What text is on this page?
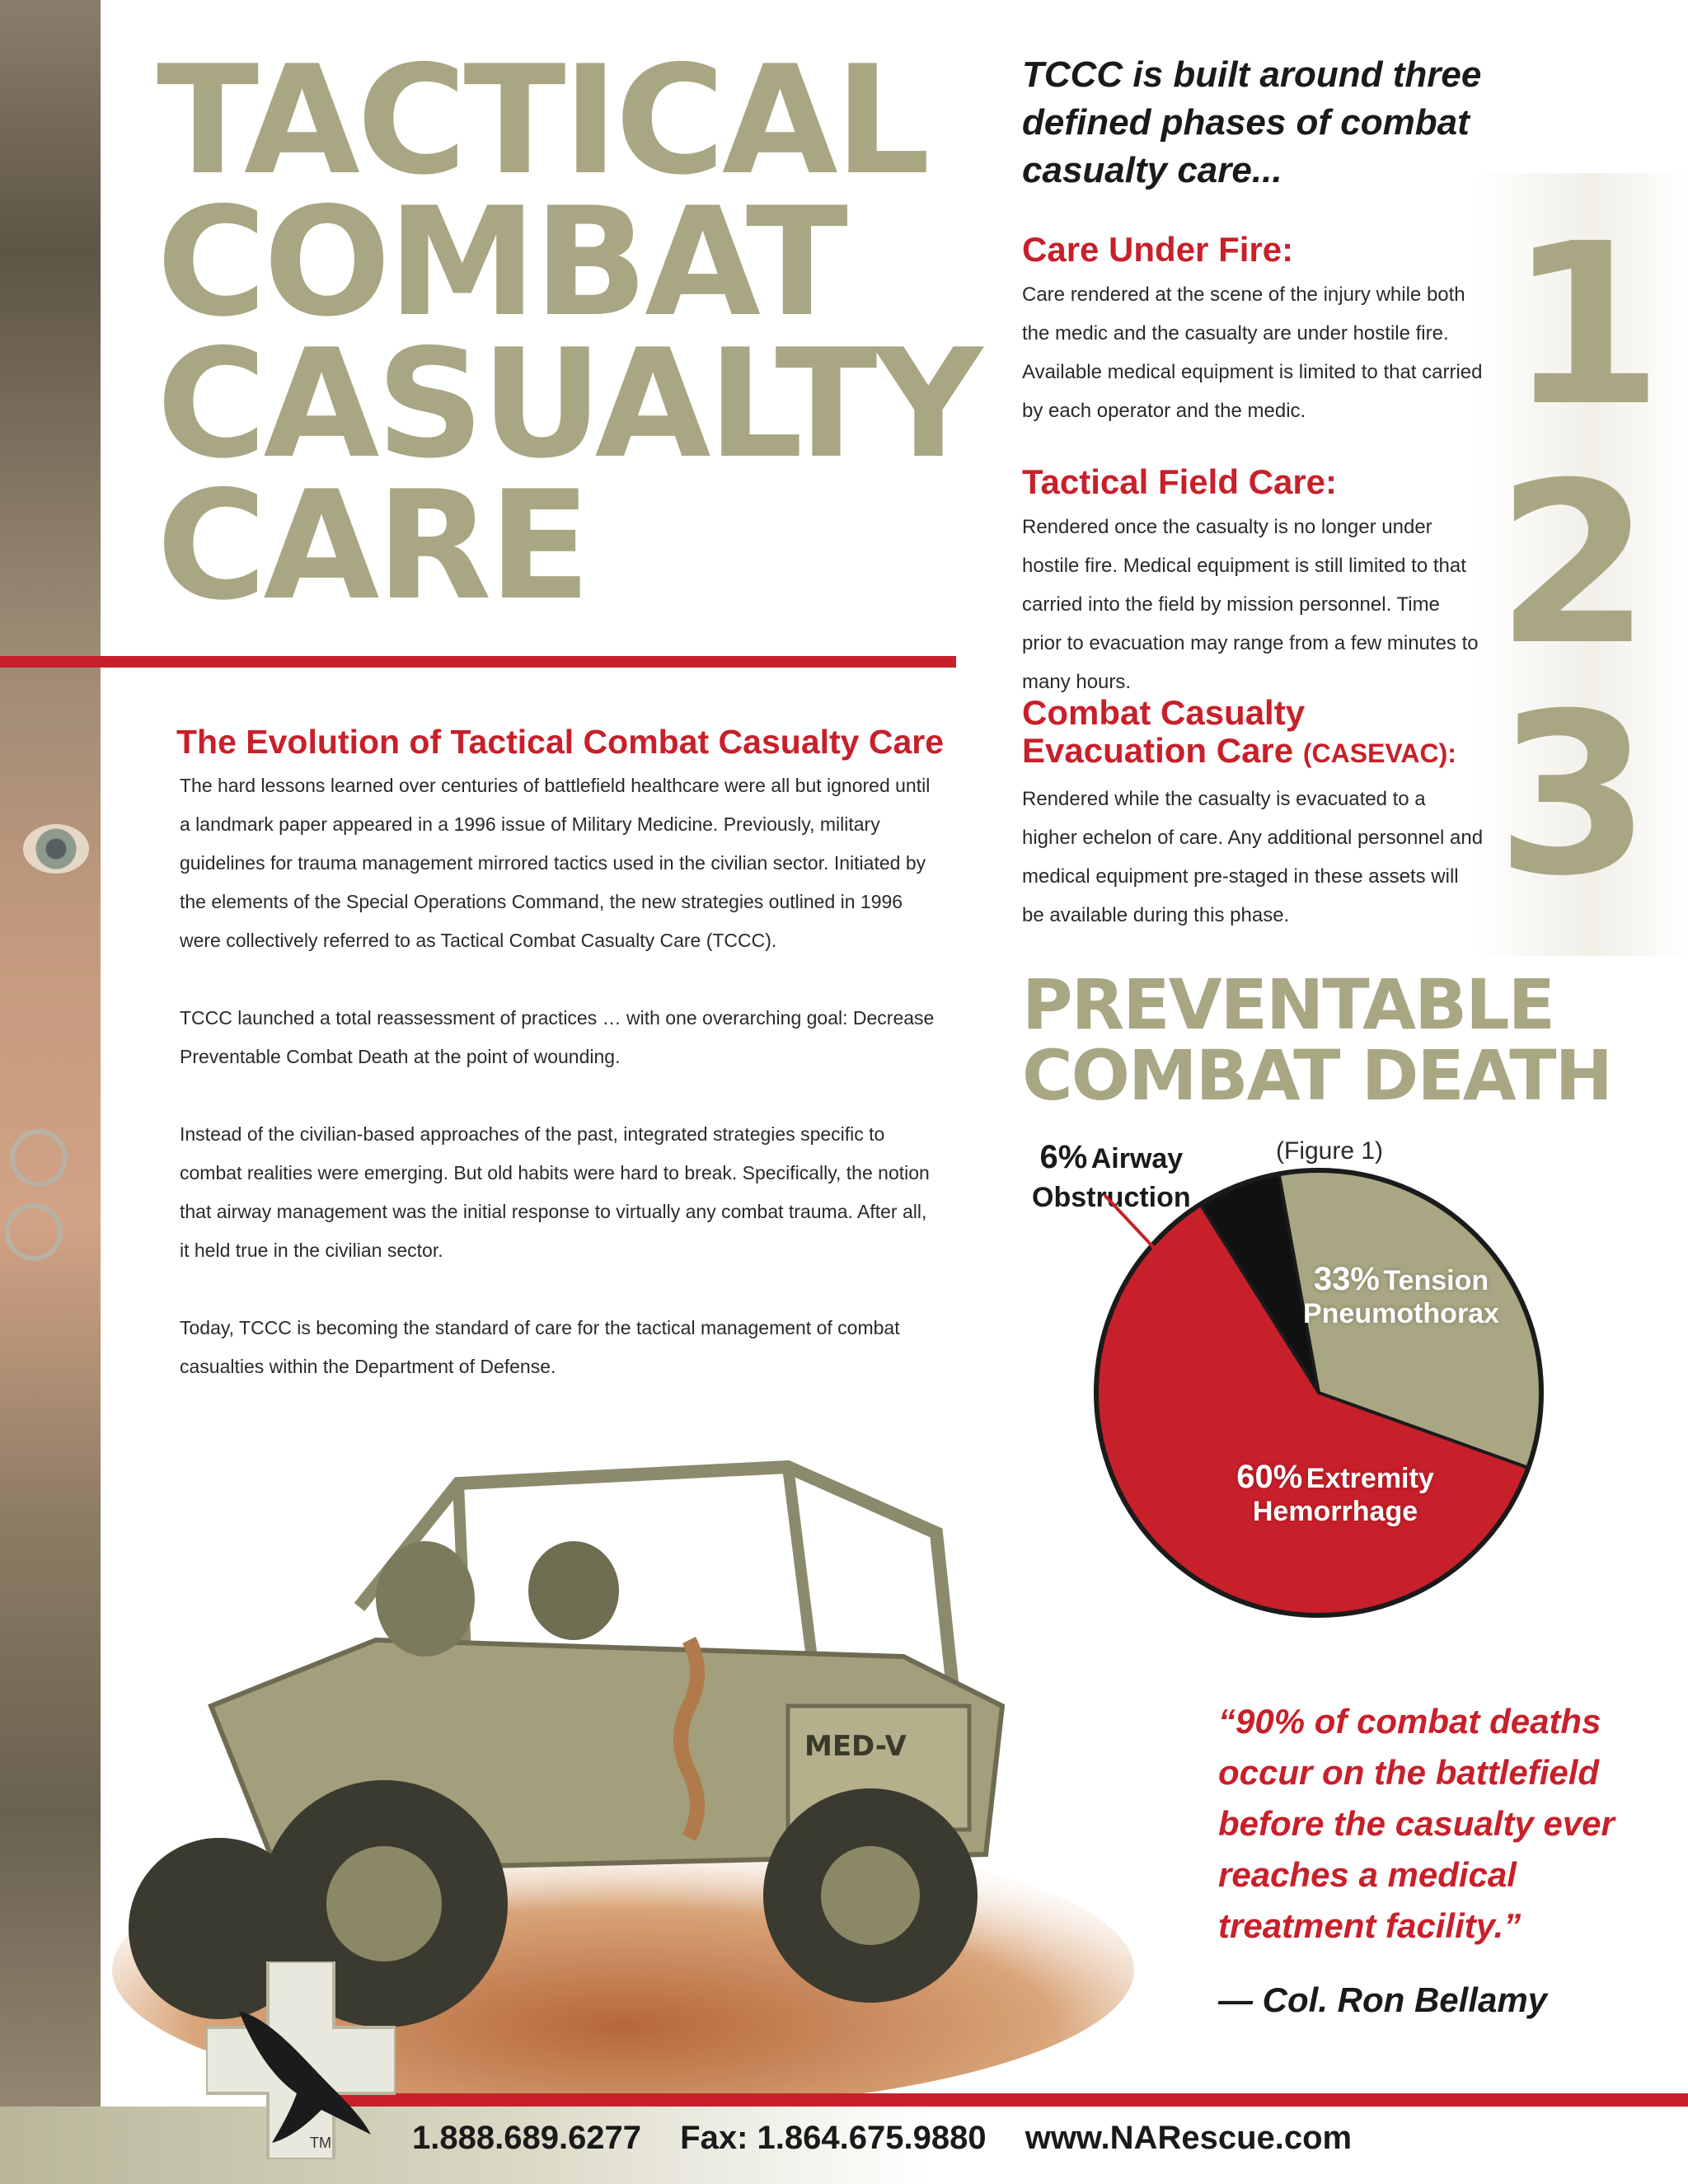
TACTICAL
COMBAT
CASUALTY
CARE
TCCC is built around three defined phases of combat casualty care...
1
2
3
Care Under Fire:
Care rendered at the scene of the injury while both the medic and the casualty are under hostile fire. Available medical equipment is limited to that carried by each operator and the medic.
Tactical Field Care:
Rendered once the casualty is no longer under hostile fire. Medical equipment is still limited to that carried into the field by mission personnel. Time prior to evacuation may range from a few minutes to many hours.
Combat Casualty
Evacuation Care (CASEVAC):
Rendered while the casualty is evacuated to a higher echelon of care. Any additional personnel and medical equipment pre-staged in these assets will be available during this phase.
The Evolution of Tactical Combat Casualty Care

The hard lessons learned over centuries of battlefield healthcare were all but ignored until a landmark paper appeared in a 1996 issue of Military Medicine. Previously, military guidelines for trauma management mirrored tactics used in the civilian sector. Initiated by the elements of the Special Operations Command, the new strategies outlined in 1996 were collectively referred to as Tactical Combat Casualty Care (TCCC).

TCCC launched a total reassessment of practices … with one overarching goal: Decrease Preventable Combat Death at the point of wounding.

Instead of the civilian-based approaches of the past, integrated strategies specific to combat realities were emerging. But old habits were hard to break. Specifically, the notion that airway management was the initial response to virtually any combat trauma. After all, it held true in the civilian sector.

Today, TCCC is becoming the standard of care for the tactical management of combat casualties within the Department of Defense.

MED-V
PREVENTABLE
COMBAT DEATH
(Figure 1)
6% Airway
Obstruction
33% Tension
Pneumothorax
60% Extremity
Hemorrhage
“90% of combat deaths occur on the battlefield before the casualty ever reaches a medical treatment facility.”
— Col. Ron Bellamy
TM 1.888.689.6277 Fax: 1.864.675.9880 www.NARescue.com
